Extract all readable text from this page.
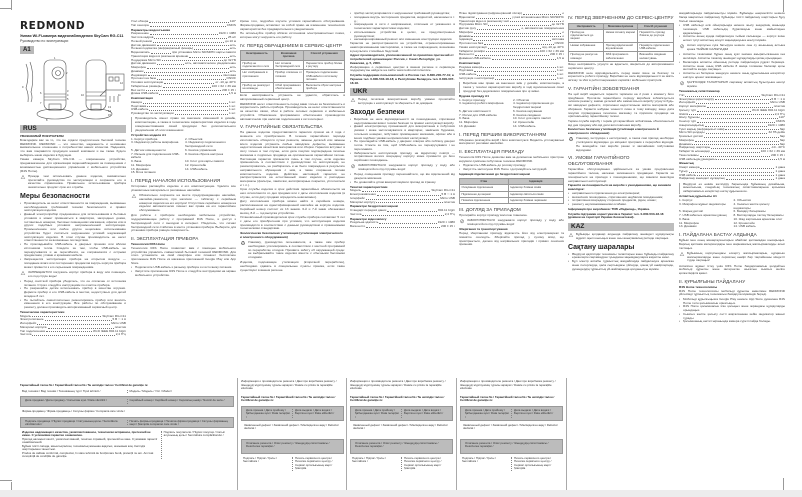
REDMOND
Умная Wi-Fi-камера видеонаблюдения SkyCam RG-C11
Руководство по эксплуатации
A1
1
2
3
4
5
6
7
8
9
10	11
12
13
14
15
RUS
УВАЖАЕМЫЙ ПОКУПАТЕЛЬ!
Благодарим вас за то, что вы отдали предпочтение бытовой технике REDMOND. REDMOND — это качество, надежность и неизменно внимательное отношение к потребностям наших клиентов. Надеемся, что вам понравится продукция нашей компании и вы также будете выбирать наши изделия в будущем.
Умная камера SkyCam RG-C11 — современное устройство, предназначенное для организации видеонаблюдения за помещением с возможностью дистанционного управления с мобильного устройства (R4S Home).
⚠ Прежде чем использовать данное изделие, внимательно прочитайте руководство по эксплуатации и сохраните его в качестве справочника. Правильное использование прибора значительно продлит срок его службы.
Меры безопасности
• Производитель не несет ответственности за повреждения, вызванные несоблюдением требований техники безопасности и правил эксплуатации изделия.
• Данный электроприбор предназначен для использования в бытовых условиях и может применяться в квартирах, загородных домах, гостиничных номерах, бытовых помещениях магазинов, офисах или в других подобных условиях непромышленной эксплуатации. Промышленное или любое другое нецелевое использование устройства будет считаться нарушением условий надлежащей эксплуатации изделия. В этом случае производитель не несет ответственности за возможные последствия.
• Не прокладывайте USB-кабель в дверных проемах или вблизи источников тепла. Следите за тем, чтобы USB-кабель не перекручивался и не перегибался, не соприкасался с острыми предметами, углами и кромками мебели.
• Запрещается эксплуатация прибора на открытом воздухе — попадание влаги или посторонних предметов внутрь корпуса прибора может привести к его серьезным повреждениям.
⚠ ЗАПРЕЩАЕТСЯ погружать корпус прибора в воду или помещать его под струю воды!
• Перед очисткой прибора убедитесь, что он отключен от источника питания. Строго следуйте инструкциям по очистке прибора.
• Не разрешайте детям использовать прибор в качестве игрушки. Держите прибор и его USB-кабель в местах, недоступных для детей младше 8 лет.
• Не пытайтесь самостоятельно ремонтировать прибор или вносить изменения в его конструкцию. Все работы по обслуживанию и ремонту должен производить авторизованный сервисный центр.
Технические характеристики
Модель	SkyCam RG-C11
Электропитание	5 В ⎓ 1 А
Интерфейс	Micro USB
Материал корпуса	пластик
Тип подключения	Wi-Fi IEEE 802.11 b/g/n
Частота	2,4 ГГц
Угол обзора	110°
Тип сенсора	CMOS
Параметры видеосъемки
Разрешение	1920 × 1080
Частота кадров	25 к/с
Ночной режим	до 10 м
Датчик движения	есть
Ночная подсветка (инфракрасный фонарь)	есть
Видеозапись	при установке Micro SD/SDHC карты памяти
Трансляция видео в реальном времени	есть
Поддержка Micro SD	до 32 ГБ
Датчик движения	есть, автоматическое уведомление
Микрофон	есть
Динамик	есть
Индикация	световая
Протокол на базе	ONVIF
Условия эксплуатации	от -10 до 40°С
Габаритные размеры	100 × 62 × 39 мм
Вес нетто	200 ± 15 г
Длина USB-кабеля	1,5 м
Комплектация
Камера	1 шт.
Подставка	1 шт.
USB-кабель	1 шт.
Руководство по эксплуатации	1 шт.
Производитель имеет право на внесение изменений в дизайн, комплектацию, а также в технические характеристики изделия в ходе совершенствования своей продукции без дополнительного уведомления об этих изменениях.
Устройство модели A1
1. Корпус прибора	2. Объектив
3. Индикатор работы микрофона	4. Индикатор подключения к беспроводной сети
5. Датчик освещенности	6. Кнопка управления
7. Разъем для подключения USB-кабеля
8. Кнопка сброса настроек
9. База	10. Слот для карты памяти
11. Микрофон	12. Кронштейн
13. Динамик	14. USB-кабель
15. Блок питания
I. ПЕРЕД НАЧАЛОМ ИСПОЛЬЗОВАНИЯ
Осторожно распакуйте изделие и его комплектующие. Удалите все упаковочные материалы и рекламные наклейки.
⚠ Обязательно сохраните на месте предупреждающие наклейки, наклейки-указатели, при наличии — табличку с серийным номером изделия на его корпусе! Отсутствие серийного номера на изделии автоматически лишает вас права на его гарантийное обслуживание.
Для работы с прибором необходимо мобильное устройство, поддерживающее работу с программой R4S Home, и доступ к беспроводной сети с выходом в интернет. Убедитесь, что сигнал беспроводной сети стабилен в месте установки прибора. Выберите для установки прибора ровную поверхность.
II. ЭКСПЛУАТАЦИЯ ПРИБОРА
Технология R4S Home
Технология R4S Home позволяет вам с помощью мобильного устройства управлять совместимой бытовой техникой REDMOND. Для этого установите на свой смартфон или планшет бесплатное приложение R4S Home из магазина приложений Google Play или App Store.
• Подключите USB-кабель к разъему прибора и к источнику питания.
• Запустите приложение R4S Home и следуйте инструкциям на экране мобильного устройства.
Кроме того, подробно изучите условия гарантийного обслуживания. Фирма-продавец оставляет за собой право на изменение технических характеристик без предварительного уведомления.
Не используйте прибор вблизи источников электромагнитных помех, которые могут нарушить его работу.
IV. ПЕРЕД ОБРАЩЕНИЕМ В СЕРВИС-ЦЕНТР
Неисправность	Возможная причина	Способ устранения
Прибор не подключается к сети	Нет сигнала беспроводной сети	Переместите прибор ближе к роутеру
Нет изображения в приложении	Прибор отключен от питания	Проверьте подключение USB-кабеля к источнику питания
Прибор не реагирует на команды	Сбой программного обеспечения	Выполните сброс настроек прибора
Если неисправность устранить не удается, обратитесь в авторизованный сервисный центр.
REDMOND несет ответственность перед вами только за безопасность и корректность работы прибора. Производитель не несет ответственности за качество связи, сбои в работе сетевых сервисов и мобильных устройств. Обновление программного обеспечения производится автоматически при наличии подключения к сети интернет.
V. ГАРАНТИЙНЫЕ ОБЯЗАТЕЛЬСТВА
На данное изделие предоставляется гарантия сроком на 2 года с момента его приобретения. В течение гарантийного периода изготовитель обязуется путем ремонта, замены деталей или замены всего изделия устранить любые заводские дефекты, вызванные недостаточным качеством материалов или сборки. Гарантия вступает в силу только в том случае, если дата покупки подтверждена печатью магазина и подписью продавца на оригинальном гарантийном талоне. Настоящая гарантия признается лишь в том случае, если изделие применялось в соответствии с руководством по эксплуатации, не ремонтировалось, не разбиралось и не было повреждено в результате неправильного обращения с ним, а также сохранена полная комплектность изделия. Действие настоящей гарантии не распространяется на естественный износ изделия и расходные материалы (фильтры, лампочки, антипригарные покрытия, уплотнители и т. п.).
Срок службы изделия и срок действия гарантийных обязательств на него исчисляются со дня продажи или с даты изготовления изделия (в случае, если дату продажи определить невозможно).
Дату изготовления прибора можно найти в серийном номере, расположенном на идентификационной наклейке на корпусе изделия. Серийный номер состоит из 13 знаков. 6-й и 7-й знаки обозначают месяц, 8-й — год выпуска устройства.
Установленный производителем срок службы прибора составляет 5 лет с даты его приобретения при условии, что эксплуатация изделия производится в соответствии с данным руководством и применимыми техническими стандартами.
Экологически безопасная утилизация (утилизация электрического и электронного оборудования)
♻ Упаковку, руководство пользователя, а также сам прибор необходимо утилизировать в соответствии с местной программой по переработке отходов. Проявите заботу об окружающей среде: не выбрасывайте такие изделия вместе с обычными бытовыми отходами.
Изделия, подлежащие утилизации (вторичной переработке), необходимо сдавать в специальные пункты приема, если такие существуют в вашем регионе.
• прибор эксплуатировался с нарушением требований руководства;
• попадание внутрь посторонних предметов, жидкостей, насекомых и т. д.;
• повреждения в сети с напряжением, отличным от указанного в технических характеристиках изделия;
• использование устройства в целях, не предусмотренных руководством;
• несанкционированный ремонт или изменение конструкции изделия.
Гарантия не распространяется на устройства, отремонтированные неавторизованными мастерскими, а также на повреждения, возникшие в результате стихийных бедствий.
Адрес производителя, уполномоченной по принятию претензий от потребителей организации: Россия, г. Санкт-Петербург, ул. Киевская, д. 5, 2000.
Информацию о сервисных центрах в вашем регионе и сервисную поддержку вы найдете на сайте www.redmond.ru/service.
Служба поддержки пользователей: в России тел. 8-800-200-77-41; в Украине тел. 0-800-503-18-18; в Республике Беларусь тел. 8-800-007-18-18.
UKR
⚠ Перед початком використання виробу уважно прочитайте інструкцію з експлуатації та збережіть її як довідник.
Заходи безпеки
• Виробник не несе відповідальності за пошкодження, спричинені недотриманням вимог техніки безпеки та правил експлуатації виробу.
• Даний електроприлад призначений для використання в побутових умовах і може застосовуватися в квартирах, заміських будинках, готельних номерах, побутових приміщеннях магазинів, офісах або в інших подібних умовах непромислової експлуатації.
• Не прокладайте USB-кабель у дверних отворах або поблизу джерел тепла. Стежте за тим, щоб USB-кабель не перекручувався і не перегинався.
• Забороняється експлуатація приладу на відкритому повітрі — потрапляння вологи всередину корпусу може призвести до його серйозних пошкоджень.
⊘ ЗАБОРОНЯЄТЬСЯ занурювати корпус приладу у воду або поміщати його під струмінь води!
• Перед очищенням приладу переконайтеся, що він відключений від джерела живлення.
• Не дозволяйте дітям використовувати прилад як іграшку.
Технічні характеристики
Модель	SkyCam RG-C11
Електроживлення	5 В ⎓ 1 А
Інтерфейс	Micro USB
Матеріал корпусу	пластик
Параметри бездротової мережі
Стандарт передачі даних	802.11 b/g/n
Частота	2,4 ГГц
Параметри відеозапису
Роздільна здатність	1920 × 1080
Вага нетто	200 ± 15 г
Нічне підсвічування (інфрачервоний ліхтар)	є
Відеозапис	у разі встановлення Micro SD/SDHC
Трансляція відео в реальному часі	є
Підтримка Micro SD	до 32 ГБ
Датчик руху	є, автоматичне повідомлення
Мікрофон	є
Динамік	є
Індикація	світлова
Протокол на базі	ONVIF
Умови експлуатації	від -10 до 40°С
Габаритні розміри	100 × 62 × 39 мм
Вага нетто	200 ± 15 г
Довжина USB-кабелю	1,5 м
Комплектація
Розумна камера	1 шт.
Підставка	1 шт.
USB-кабель	1 шт.
Інструкція з експлуатації	1 шт.
Виробник має право на внесення змін у дизайн, комплектацію, а також у технічні характеристики виробу в ході вдосконалення своєї продукції без додаткового повідомлення про ці зміни.
Будова приладу A1
1. Корпус приладу	2. Об'єктив
3. Індикатор роботи мікрофона	4. Індикатор підключення до бездротової мережі
5. Датчик освітленості	6. Кнопка керування
7. Роз'єм для USB-кабелю	8. Кнопка скидання
9. База	10. Слот для карти пам'яті
11. Мікрофон	12. Кронштейн
13. Динамік	14. USB-кабель
I. ПЕРЕД ПЕРШИМ ВИКОРИСТАННЯМ
Обережно розпакуйте виріб і його комплектуючі. Видаліть усі пакувальні матеріали і рекламні наклейки.
II. ЕКСПЛУАТАЦІЯ ПРИЛАДУ
Технологія R4S Home дозволяє вам за допомогою мобільного пристрою керувати сумісною побутовою технікою REDMOND.
• Підключіть USB-кабель до роз'єму приладу.
• Запустіть застосунок R4S Home і дотримуйтесь інструкцій.
Індикація підключення до бездротової мережі
Стан	Індикація
Очікування підключення	Індикатор блимає синім
Підключено до мережі	Індикатор світиться синім
Помилка підключення	Індикатор блимає червоним
III. ДОГЛЯД ЗА ПРИЛАДОМ
Протирайте корпус приладу вологою тканиною.
⊘ ЗАБОРОНЯЄТЬСЯ занурювати корпус приладу у воду або поміщати його під струмінь води!
Зберігання та транспортування
Перед зберіганням приладу відключіть його від електромережі та повністю охолодіть. Зберігайте прилад у сухому місці, що провітрюється, далеко від нагрівальних приладів і прямих сонячних променів.
IV. ПЕРЕД ЗВЕРНЕННЯМ ДО СЕРВІС-ЦЕНТРУ
Несправність	Можлива причина	Спосіб усунення
Прилад не підключається до мережі	Немає сигналу мережі	Перемістіть прилад ближче до роутера
Немає зображення	Прилад відключений від живлення	Перевірте підключення USB-кабелю
Прилад не реагує на команди	Збій програмного забезпечення	Виконайте скидання налаштувань
Якщо несправність усунути не вдається, зверніться до авторизованого сервісного центру.
REDMOND несе відповідальність перед вами лише за безпеку та коректність роботи приладу. Виробник не несе відповідальності за якість зв'язку та збої в роботі мережевих сервісів і мобільних пристроїв.
V. ГАРАНТІЙНІ ЗОБОВ'ЯЗАННЯ
На цей виріб надається гарантія терміном на 2 роки з моменту його придбання. Протягом гарантійного періоду виробник зобов'язується шляхом ремонту, заміни деталей або заміни всього виробу усунути будь-які заводські дефекти, спричинені недостатньою якістю матеріалів або збирання. Гарантія набуває чинності лише в тому випадку, якщо дата покупки підтверджена печаткою магазину та підписом продавця на оригінальному гарантійному талоні.
Термін служби виробу і термін дії гарантійних зобов'язань обчислюються від дня продажу або від дати виготовлення виробу.
Екологічно безпечна утилізація (утилізація електричного й електронного обладнання)
♻ Упаковку, інструкцію з експлуатації, а також сам прилад необхідно утилізувати відповідно до місцевої програми з переробки відходів. Не викидайте такі вироби разом зі звичайними побутовими відходами.
VI. УМОВИ ГАРАНТІЙНОГО ОБСЛУГОВУВАННЯ
Гарантійне обслуговування здійснюється за умови пред'явлення гарантійного талона, належно заповненого продавцем. Гарантія не поширюється на прилади з пошкодженнями, що виникли внаслідок неправильної експлуатації.
Гарантія не поширюється на вироби з ушкодженнями, що виникли внаслідок:
• неправильного підключення до електромережі;
• механічних пошкоджень, спричинених недбалим поводженням;
• потрапляння всередину сторонніх предметів, рідин, комах;
• ремонту неуповноваженими особами.
Інформація про виробника: ТОВ «Редмонд», Україна.
Служба підтримки користувачів в Україні: тел. 0-800-503-18-18 (дзвінки на території України безкоштовні).
KAZ
⚠ Бұйымды қолданар алдында пайдалану жөніндегі нұсқаулықты мұқият оқып шығыңыз және оны анықтамалық ретінде сақтаңыз.
Сақтану шаралары
• Өндіруші қауіпсіздік техникасы талаптарын және бұйымды пайдалану ережелерін сақтамаудан туындаған зақымдануларға жауапты емес.
• Бұл электр аспабы тұрмыстық жағдайларда пайдалануға арналған және пәтерлерде, қала сыртындағы үйлерде, қонақ үй нөмірлерінде, дүкендердің тұрмыстық үй-жайларында қолданылуы мүмкін.
жағдайларында пайдаланылуы мүмкін. Бұйымды өнеркәсіптік немесе басқа мақсатсыз пайдалану бұйымды тиісті пайдалану шарттарын бұзу болып саналады.
• USB кабельді есік ойықтарында немесе жылу көздерінің жанында төсемеңіз. USB кабельдің бұралмауын және майыспауын қадағалаңыз.
• Аспапты ашық ауада пайдалануға тыйым салынады — корпус ішіне ылғал түсуі аспаптың елеулі зақымдануына әкелуі мүмкін.
⊘ Аспап корпусын суға батыруға немесе оны су ағынының астына қоюға ТЫЙЫМ САЛЫНАДЫ!
• Аспапты тазаламас бұрын оның қуат көзінен ажыратылғанына көз жеткізіңіз. Аспапты тазалау жөніндегі нұсқауларды қатаң орындаңыз.
• Балаларға аспапты ойыншық ретінде пайдалануға рұқсат бермеңіз. Аспапты және оның USB кабелін 8 жасқа толмаған балалар қолы жетпейтін жерде сақтаңыз.
• Аспапты өз бетіңізше жөндеуге немесе оның құрылымына өзгерістер енгізуге әрекет жасамаңыз.
⊘ ҚАУІПСІЗДІК ТАЛАПТАРЫН сақтамау аспаптың бұзылуына әкелуі мүмкін.
Техникалық сипаттамалар
Үлгі	SkyCam RG-C11
Электрмен қоректендіру	5 В ⎓ 1 А
Интерфейс	Micro USB
Корпус материалы	пластик
Қосылу түрі	Wi-Fi IEEE 802.11 b/g/n
Жиілік	2,4 ГГц
Шолу бұрышы	110°
Сенсор түрі	CMOS
Ажыратымдылық	1920 × 1080
Түнгі жарық (инфрақызыл шам)	бар
Micro SD қолдауы	32 ГБ дейін
Қозғалыс датчигі	бар
Микрофон	бар
Динамик	бар
Пайдалану шарттары	-10...40°С
Габариттік өлшемдер	100 × 62 × 39 мм
Таза салмағы	200 ± 15 г
USB кабельдің ұзындығы	1,5 м
Жиынтық
Смарт камера	1 дана
Тұғыр	1 дана
USB кабель	1 дана
Пайдалану жөніндегі нұсқаулық	1 дана
Өндіруші өз өнімін жетілдіру барысында бұйымның дизайнына, жиынтығына, сондай-ақ техникалық сипаттамаларына қосымша хабарламасыз өзгерістер енгізу құқығына ие.
Аспаптың құрылысы A1
1. Корпус	2. Объектив
3. Микрофон жұмыс индикаторы	4. Сымсыз желіге қосылу индикаторы
5. Жарық датчигі	6. Басқару батырмасы
7. USB кабельге арналған ұяшық	8. Баптауларды тастау батырмасы
9. База	10. Жад картасына арналған слот
11. Микрофон	12. Кронштейн
13. Динамик	14. USB кабель
I. ПАЙДАЛАНА БАСТАУ АЛДЫНДА
Бұйым мен оның жинақтаушыларын абайлап қаптамадан шығарыңыз. Барлық қаптама материалдары мен жарнамалық жапсырмаларды алып тастаңыз.
⚠ Бұйымның корпусындағы ескерту жапсырмаларын, нұсқағыш жапсырмаларды және сериялық нөмірі бар тақтайшаны міндетті түрде сақтаңыз!
Аспаппен жұмыс істеу үшін R4S Home бағдарламасын қолдайтын мобильді құрылғы және интернетке шығатын сымсыз желіге қолжетімділік қажет.
II. ҚҰРЫЛҒЫНЫ ПАЙДАЛАНУ
R4S Home технологиясы
R4S Home технологиясы мобильді құрылғы көмегімен REDMOND үйлесімді тұрмыстық техникасын басқаруға мүмкіндік береді.
• Мобильді құрылғыңызға Google Play немесе App Store дүкенінен R4S Home тегін қосымшасын орнатыңыз.
• R4S Home қосымшасын іске қосыңыз және экрандағы нұсқауларды орындаңыз.
• Сымсыз желіге қосылу сәтті аяқталғаннан кейін индикатор жанып тұрады.
• Қосымшаның негізгі экранында камера суреті пайда болады.
Гарантийный талон № / Гарантійний талон № / № кепілдік талон / Certificat de garanție nr.
Вид техники / Вид техніки / Техниканың түрі / Tipul tehnicii /	Модель / Модель / Үлгі / Model /
Дата продажи / Дата продажу / Сатылған күні / Data vânzării /	Серийный номер / Серійний номер / Сериялық нөмір / Număr de serie /
Фирма-продавец / Фірма-продавець / Сатушы фирма / Compania care vinde /
Подпись продавца / Підпис продавця / Сатушының қолы / Semnătura vânzătorului /
Печать фирмы-продавца / Печатка фірми-продавця / Сатушы фирманың мөрі / Ștampila companiei care vinde /
Изделие надлежащего качества, укомплектованное, технически исправное, претензий не имею. С условиями гарантии ознакомлен.
Прилад належної якості, укомплектований, технічно справний, претензій не маю. З умовами гарантії ознайомлений.
Бұйым тиісті сапада, жиынтықталған, техникалық жағынан ақаусыз, шағымым жоқ. Кепілдік шарттарымен таныстым.
Produs de calitate conformă, complectat, în stare tehnică de funcționare bună, pretenții nu am. Am luat cunoștință de condițiile de garanție.
Подпись покупателя / Підпис покупця / Сатып алушының қолы / Semnătura cumpărătorului /
Информация о производителе ремонта / Дані про виробника ремонту / Жөндеуді жүргізушінің туралы ақпарат / Datele cu privire la reparațiile efectuate
Гарантийный талон № / Гарантійний талон № / № кепілдік талон / Certificat de garanție nr.
Дата приема / Дата прийому / Қабылданған күні / Data recepției /
Дата выдачи / Дата видачі / Берілген күні / Data eliberării /
Заявленный дефект / Заявлений дефект / Мәлімделген ақау / Defectul declarat /
Описание ремонта / Опис ремонту / Жөндеудің сипаттамасы / Descrierea reparației /
Подпись / Підпис / Қолы / Semnătura /
Печать сервисного центра / Печатка сервісного центру / Сервис орталығының мөрі / Ștampila
Информация о производителе ремонта / Дані про виробника ремонту / Жөндеуді жүргізушінің туралы ақпарат / Datele cu privire la reparațiile efectuate
Гарантийный талон № / Гарантійний талон № / № кепілдік талон / Certificat de garanție nr.
Дата приема / Дата прийому / Қабылданған күні / Data recepției /
Дата выдачи / Дата видачі / Берілген күні / Data eliberării /
Заявленный дефект / Заявлений дефект / Мәлімделген ақау / Defectul declarat /
Описание ремонта / Опис ремонту / Жөндеудің сипаттамасы / Descrierea reparației /
Подпись / Підпис / Қолы / Semnătura /
Печать сервисного центра / Печатка сервісного центру / Сервис орталығының мөрі / Ștampila
Информация о производителе ремонта / Дані про виробника ремонту / Жөндеуді жүргізушінің туралы ақпарат / Datele cu privire la reparațiile efectuate
Гарантийный талон № / Гарантійний талон № / № кепілдік талон / Certificat de garanție nr.
Дата приема / Дата прийому / Қабылданған күні / Data recepției /
Дата выдачи / Дата видачі / Берілген күні / Data eliberării /
Заявленный дефект / Заявлений дефект / Мәлімделген ақау / Defectul declarat /
Описание ремонта / Опис ремонту / Жөндеудің сипаттамасы / Descrierea reparației /
Подпись / Підпис / Қолы / Semnătura /
Печать сервисного центра / Печатка сервісного центру / Сервис орталығының мөрі / Ștampila
